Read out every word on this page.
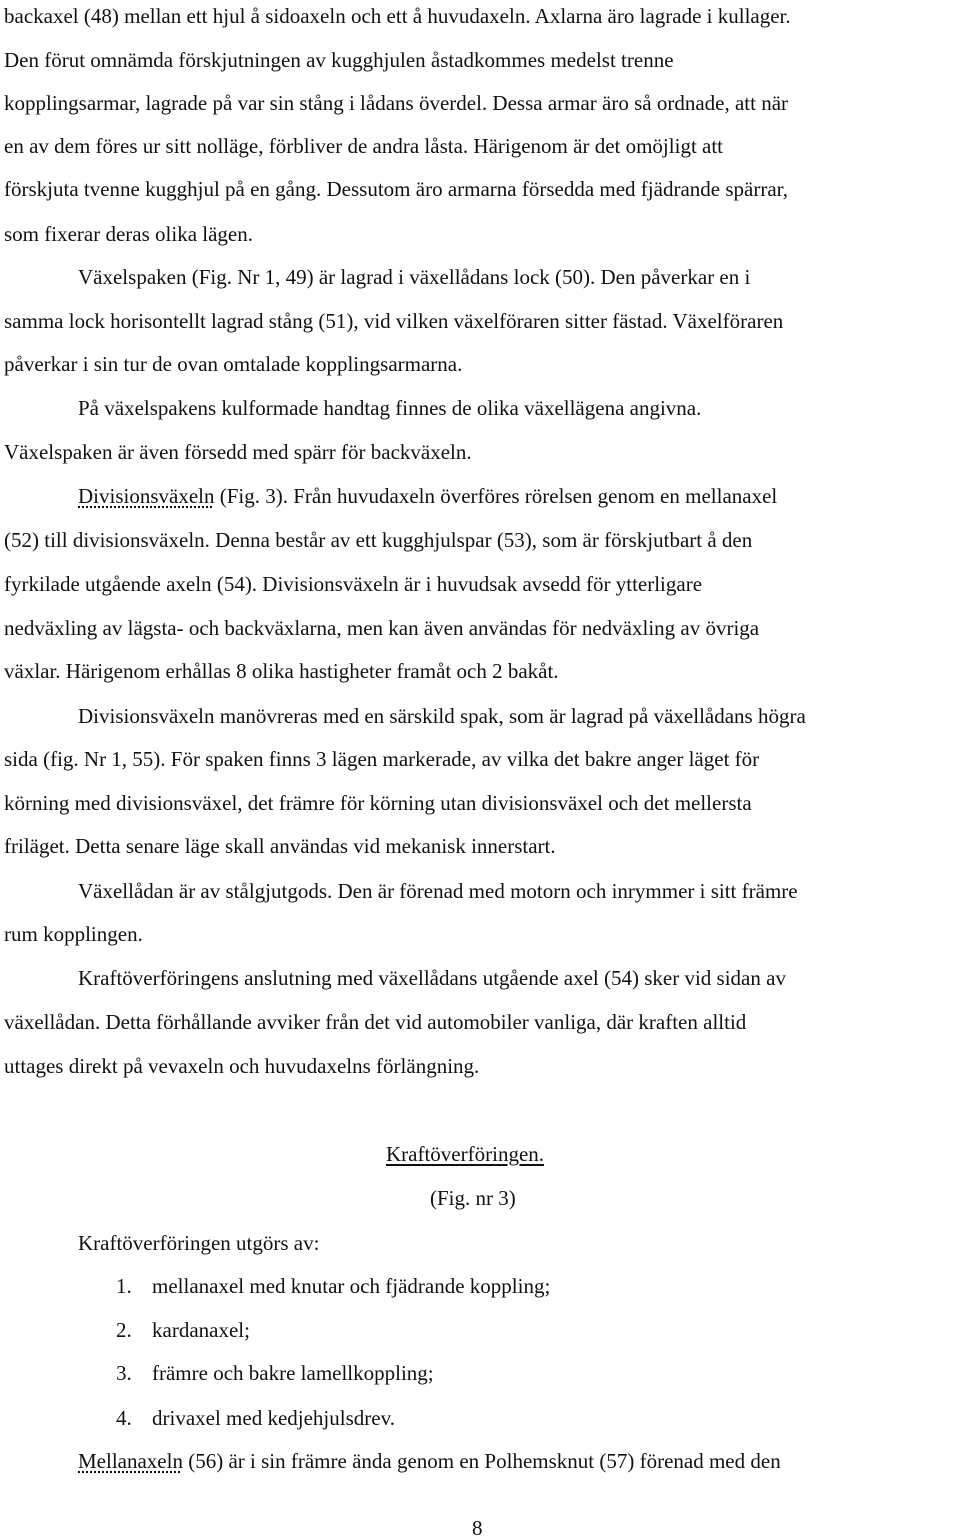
backaxel (48) mellan ett hjul å sidoaxeln och ett å huvudaxeln. Axlarna äro lagrade i kullager.
Den förut omnämda förskjutningen av kugghjulen åstadkommes medelst trenne
kopplingsarmar, lagrade på var sin stång i lådans överdel. Dessa armar äro så ordnade, att när
en av dem föres ur sitt nolläge, förbliver de andra låsta. Härigenom är det omöjligt att
förskjuta tvenne kugghjul på en gång. Dessutom äro armarna försedda med fjädrande spärrar,
som fixerar deras olika lägen.
Växelspaken (Fig. Nr 1, 49) är lagrad i växellådans lock (50). Den påverkar en i
samma lock horisontellt lagrad stång (51), vid vilken växelföraren sitter fästad. Växelföraren
påverkar i sin tur de ovan omtalade kopplingsarmarna.
På växelspakens kulformade handtag finnes de olika växellägena angivna.
Växelspaken är även försedd med spärr för backväxeln.
Divisionsväxeln (Fig. 3). Från huvudaxeln överföres rörelsen genom en mellanaxel
(52) till divisionsväxeln. Denna består av ett kugghjulspar (53), som är förskjutbart å den
fyrkilade utgående axeln (54). Divisionsväxeln är i huvudsak avsedd för ytterligare
nedväxling av lägsta- och backväxlarna, men kan även användas för nedväxling av övriga
växlar. Härigenom erhållas 8 olika hastigheter framåt och 2 bakåt.
Divisionsväxeln manövreras med en särskild spak, som är lagrad på växellådans högra
sida (fig. Nr 1, 55). För spaken finns 3 lägen markerade, av vilka det bakre anger läget för
körning med divisionsväxel, det främre för körning utan divisionsväxel och det mellersta
friläget. Detta senare läge skall användas vid mekanisk innerstart.
Växellådan är av stålgjutgods. Den är förenad med motorn och inrymmer i sitt främre
rum kopplingen.
Kraftöverföringens anslutning med växellådans utgående axel (54) sker vid sidan av
växellådan. Detta förhållande avviker från det vid automobiler vanliga, där kraften alltid
uttages direkt på vevaxeln och huvudaxelns förlängning.
Kraftöverföringen.
(Fig. nr 3)
Kraftöverföringen utgörs av:
1. mellanaxel med knutar och fjädrande koppling;
2. kardanaxel;
3. främre och bakre lamellkoppling;
4. drivaxel med kedjehjulsdrev.
Mellanaxeln (56) är i sin främre ända genom en Polhemsknut (57) förenad med den
8
